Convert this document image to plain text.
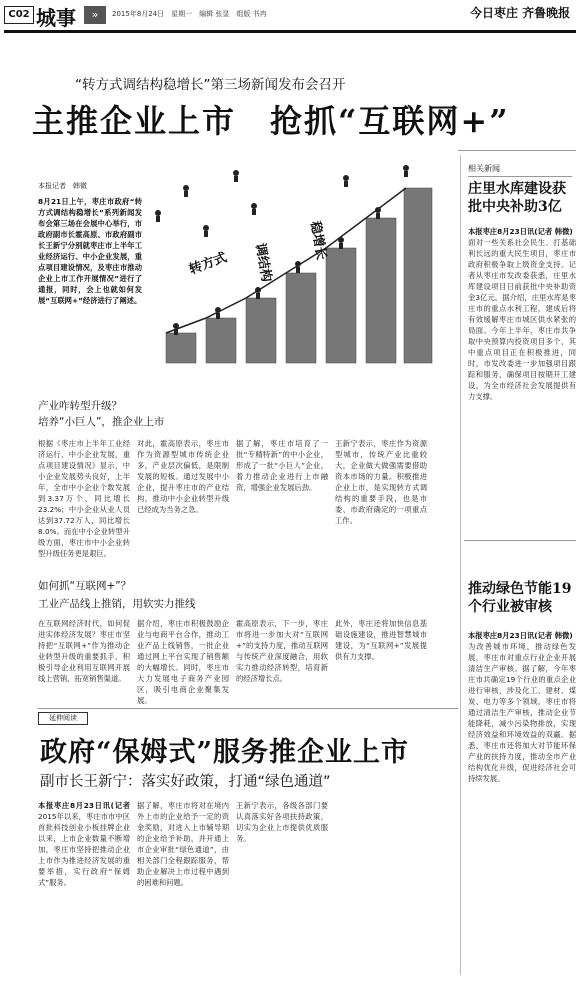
C02 城事	»	2015年8月24日　星期一　编辑 张显　组版 书冉	今日枣庄 齐鲁晚报
“转方式调结构稳增长”第三场新闻发布会召开
主推企业上市　抢抓“互联网+”
本报记者　韩微
8月21日上午，枣庄市政府“转方式调结构稳增长”系列新闻发布会第三场在会展中心举行，市政府副市长霍高原、市政府副市长王新宁分别就枣庄市上半年工业经济运行、中小企业发展，重点项目建设情况，及枣庄市推动企业上市工作开展情况”进行了通报，同时，会上也就如何发展“互联网+”经济进行了阐述。
转方式 调结构
稳增长
产业咋转型升级？
培养“小巨人”，推企业上市
根据《枣庄市上半年工业经济运行、中小企业发展，重点项目建设情况》显示，中小企业发展势头良好，上半年，全市中小企业个数发展到3.37万个，同比增长23.2%；中小企业从业人员达到37.72万人，同比增长8.0%。而在中小企业转型升级方面，枣庄市中小企业转型升级任务更是艰巨。
对此，霍高原表示，枣庄市作为资源型城市传统企业多，产业层次偏低，是限制发展的短板。通过发展中小企业，提升枣庄市的产业结构，推动中小企业转型升级已经成为当务之急。
据了解，枣庄市培育了一批“专精特新”的中小企业，形成了一批“小巨人”企业，着力推动企业进行上市融资，增强企业发展后劲。
王新宁表示，枣庄作为资源型城市，传统产业比重较大，企业做大做强需要借助资本市场的力量。积极推进企业上市，是实现转方式调结构的重要手段，也是市委、市政府确定的一项重点工作。
如何抓“互联网+”？
工业产品线上推销，用软实力推线
在互联网经济时代，如何促进实体经济发展？枣庄市坚持把“互联网+”作为推动企业转型升级的重要抓手，积极引导企业利用互联网开展线上营销，拓宽销售渠道。
据介绍，枣庄市积极鼓励企业与电商平台合作，推动工业产品上线销售，一批企业通过网上平台实现了销售额的大幅增长。同时，枣庄市大力发展电子商务产业园区，吸引电商企业聚集发展。
霍高原表示，下一步，枣庄市将进一步加大对“互联网+”的支持力度，推动互联网与传统产业深度融合，用软实力推动经济转型，培育新的经济增长点。
此外，枣庄还将加快信息基础设施建设，推进智慧城市建设，为“互联网+”发展提供有力支撑。
延伸阅读
政府“保姆式”服务推企业上市
副市长王新宁：落实好政策，打通“绿色通道”
本报枣庄8月23日讯(记者
2015年以来，枣庄市市中区首批科技创业小板挂牌企业以来，上市企业数量不断增加，枣庄市坚持把推动企业上市作为推进经济发展的重要举措，实行政府“保姆式”服务。
据了解，枣庄市将对在境内外上市的企业给予一定的资金奖励，对进入上市辅导期的企业给予补助，并开通上市企业审批“绿色通道”，由相关部门全程跟踪服务，帮助企业解决上市过程中遇到的困难和问题。
王新宁表示，各级各部门要认真落实好各项扶持政策，切实为企业上市提供优质服务。
相关新闻
庄里水库建设获批中央补助3亿
本报枣庄8月23日讯(记者 韩微)
面对一些关系社会民生、打基础利长远的重大民生项目，枣庄市政府积极争取上级资金支持。记者从枣庄市发改委获悉，庄里水库建设项目日前获批中央补助资金3亿元。据介绍，庄里水库是枣庄市的重点水利工程，建成后将有效缓解枣庄市城区供水紧张的局面。今年上半年，枣庄市共争取中央预算内投资项目多个，其中重点项目正在积极推进，同时，市发改委进一步加强项目跟踪和服务，确保项目按期开工建设，为全市经济社会发展提供有力支撑。
推动绿色节能19个行业被审核
本报枣庄8月23日讯(记者 韩微)
为改善城市环境，推动绿色发展，枣庄市对重点行业企业开展清洁生产审核。据了解，今年枣庄市共确定19个行业的重点企业进行审核，涉及化工、建材、煤炭、电力等多个领域。枣庄市将通过清洁生产审核，推动企业节能降耗，减少污染物排放，实现经济效益和环境效益的双赢。据悉，枣庄市还将加大对节能环保产业的扶持力度，推动全市产业结构优化升级，促进经济社会可持续发展。
